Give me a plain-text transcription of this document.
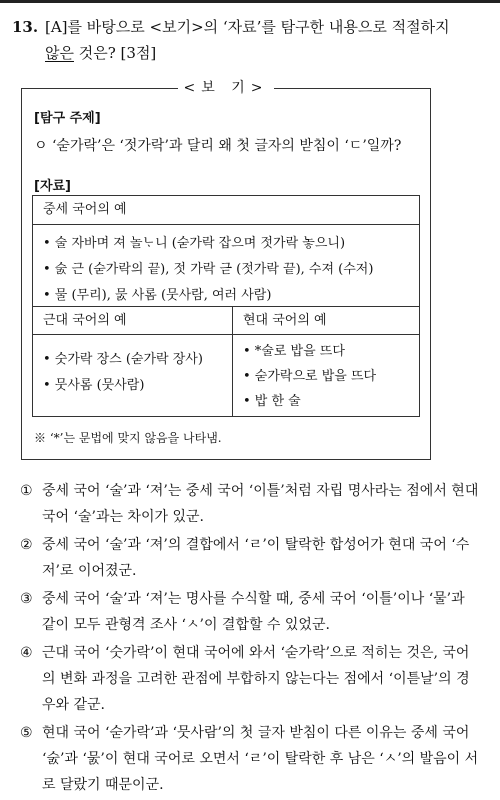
13. [A]를 바탕으로 <보기>의 ‘자료’를 탐구한 내용으로 적절하지
않은 것은? [3점]
<보 기>
[탐구 주제]
ㅇ ‘숟가락’은 ‘젓가락’과 달리 왜 첫 글자의 받침이 ‘ㄷ’일까?
[자료]
중세 국어의 예
• 술 자바며 져 놀ᄂᆞ니 (숟가락 잡으며 젓가락 놓으니)
• 숤 근 (숟가락의 끝), 젓 가락 귿 (젓가락 끝), 수져 (수저)
• 물 (무리), 뭀 사롬 (뭇사람, 여러 사람)
근대 국어의 예
• 숫가락 장스 (숟가락 장사)
• 뭇사롬 (뭇사람)
현대 국어의 예
• *술로 밥을 뜨다
• 숟가락으로 밥을 뜨다
• 밥 한 술
※ ‘*’는 문법에 맞지 않음을 나타냄.
① 중세 국어 ‘술’과 ‘져’는 중세 국어 ‘이틀’처럼 자립 명사라는 점에서 현대 국어 ‘술’과는 차이가 있군.
② 중세 국어 ‘술’과 ‘져’의 결합에서 ‘ㄹ’이 탈락한 합성어가 현대 국어 ‘수저’로 이어졌군.
③ 중세 국어 ‘술’과 ‘져’는 명사를 수식할 때, 중세 국어 ‘이틀’이나 ‘물’과 같이 모두 관형격 조사 ‘ㅅ’이 결합할 수 있었군.
④ 근대 국어 ‘숫가락’이 현대 국어에 와서 ‘숟가락’으로 적히는 것은, 국어의 변화 과정을 고려한 관점에 부합하지 않는다는 점에서 ‘이튿날’의 경우와 같군.
⑤ 현대 국어 ‘숟가락’과 ‘뭇사람’의 첫 글자 받침이 다른 이유는 중세 국어 ‘숤’과 ‘뭀’이 현대 국어로 오면서 ‘ㄹ’이 탈락한 후 남은 ‘ㅅ’의 발음이 서로 달랐기 때문이군.
